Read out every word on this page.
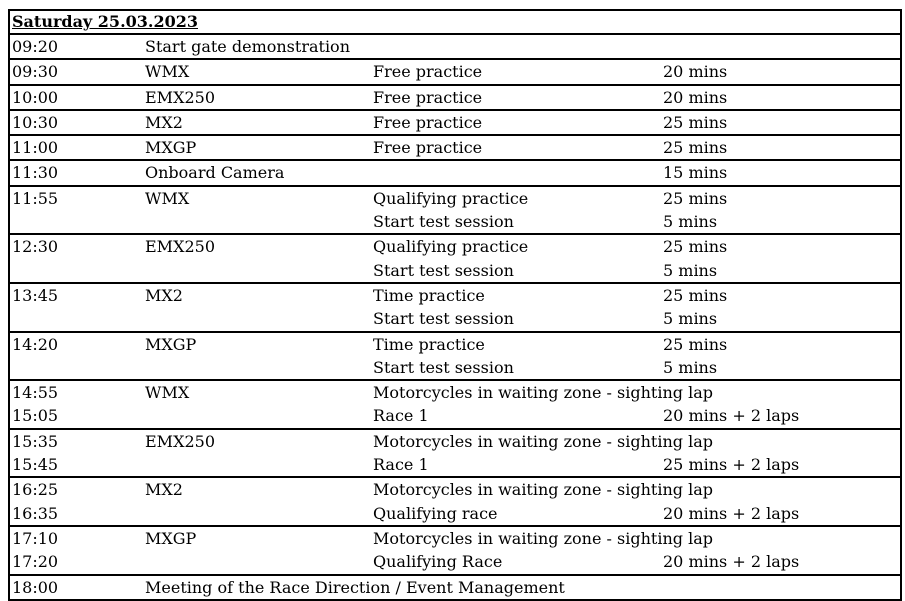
Saturday 25.03.2023			
09:20	Start gate demonstration		
09:30	WMX	Free practice	20 mins
10:00	EMX250	Free practice	20 mins
10:30	MX2	Free practice	25 mins
11:00	MXGP	Free practice	25 mins
11:30	Onboard Camera		15 mins
11:55	WMX	Qualifying practice	25 mins
		Start test session	5 mins
12:30	EMX250	Qualifying practice	25 mins
		Start test session	5 mins
13:45	MX2	Time practice	25 mins
		Start test session	5 mins
14:20	MXGP	Time practice	25 mins
		Start test session	5 mins
14:55	WMX	Motorcycles in waiting zone - sighting lap	
15:05		Race 1	20 mins + 2 laps
15:35	EMX250	Motorcycles in waiting zone - sighting lap	
15:45		Race 1	25 mins + 2 laps
16:25	MX2	Motorcycles in waiting zone - sighting lap	
16:35		Qualifying race	20 mins + 2 laps
17:10	MXGP	Motorcycles in waiting zone - sighting lap	
17:20		Qualifying Race	20 mins + 2 laps
18:00	Meeting of the Race Direction / Event Management		
